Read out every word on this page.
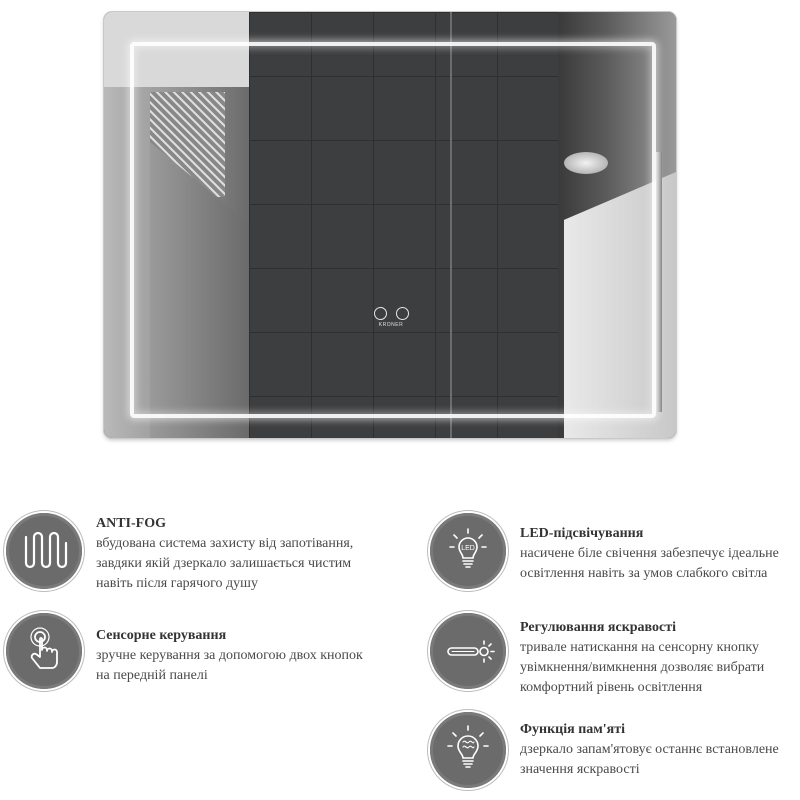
KRONER
ANTI-FOG
вбудована система захисту від запотівання,
завдяки якій дзеркало залишається чистим
навіть після гарячого душу
LED
LED-підсвічування
насичене біле свічення забезпечує ідеальне
освітлення навіть за умов слабкого світла
Сенсорне керування
зручне керування за допомогою двох кнопок
на передній панелі
Регулювання яскравості
тривале натискання на сенсорну кнопку
увімкнення/вимкнення дозволяє вибрати
комфортний рівень освітлення
Функція пам'яті
дзеркало запам'ятовує останнє встановлене
значення яскравості
